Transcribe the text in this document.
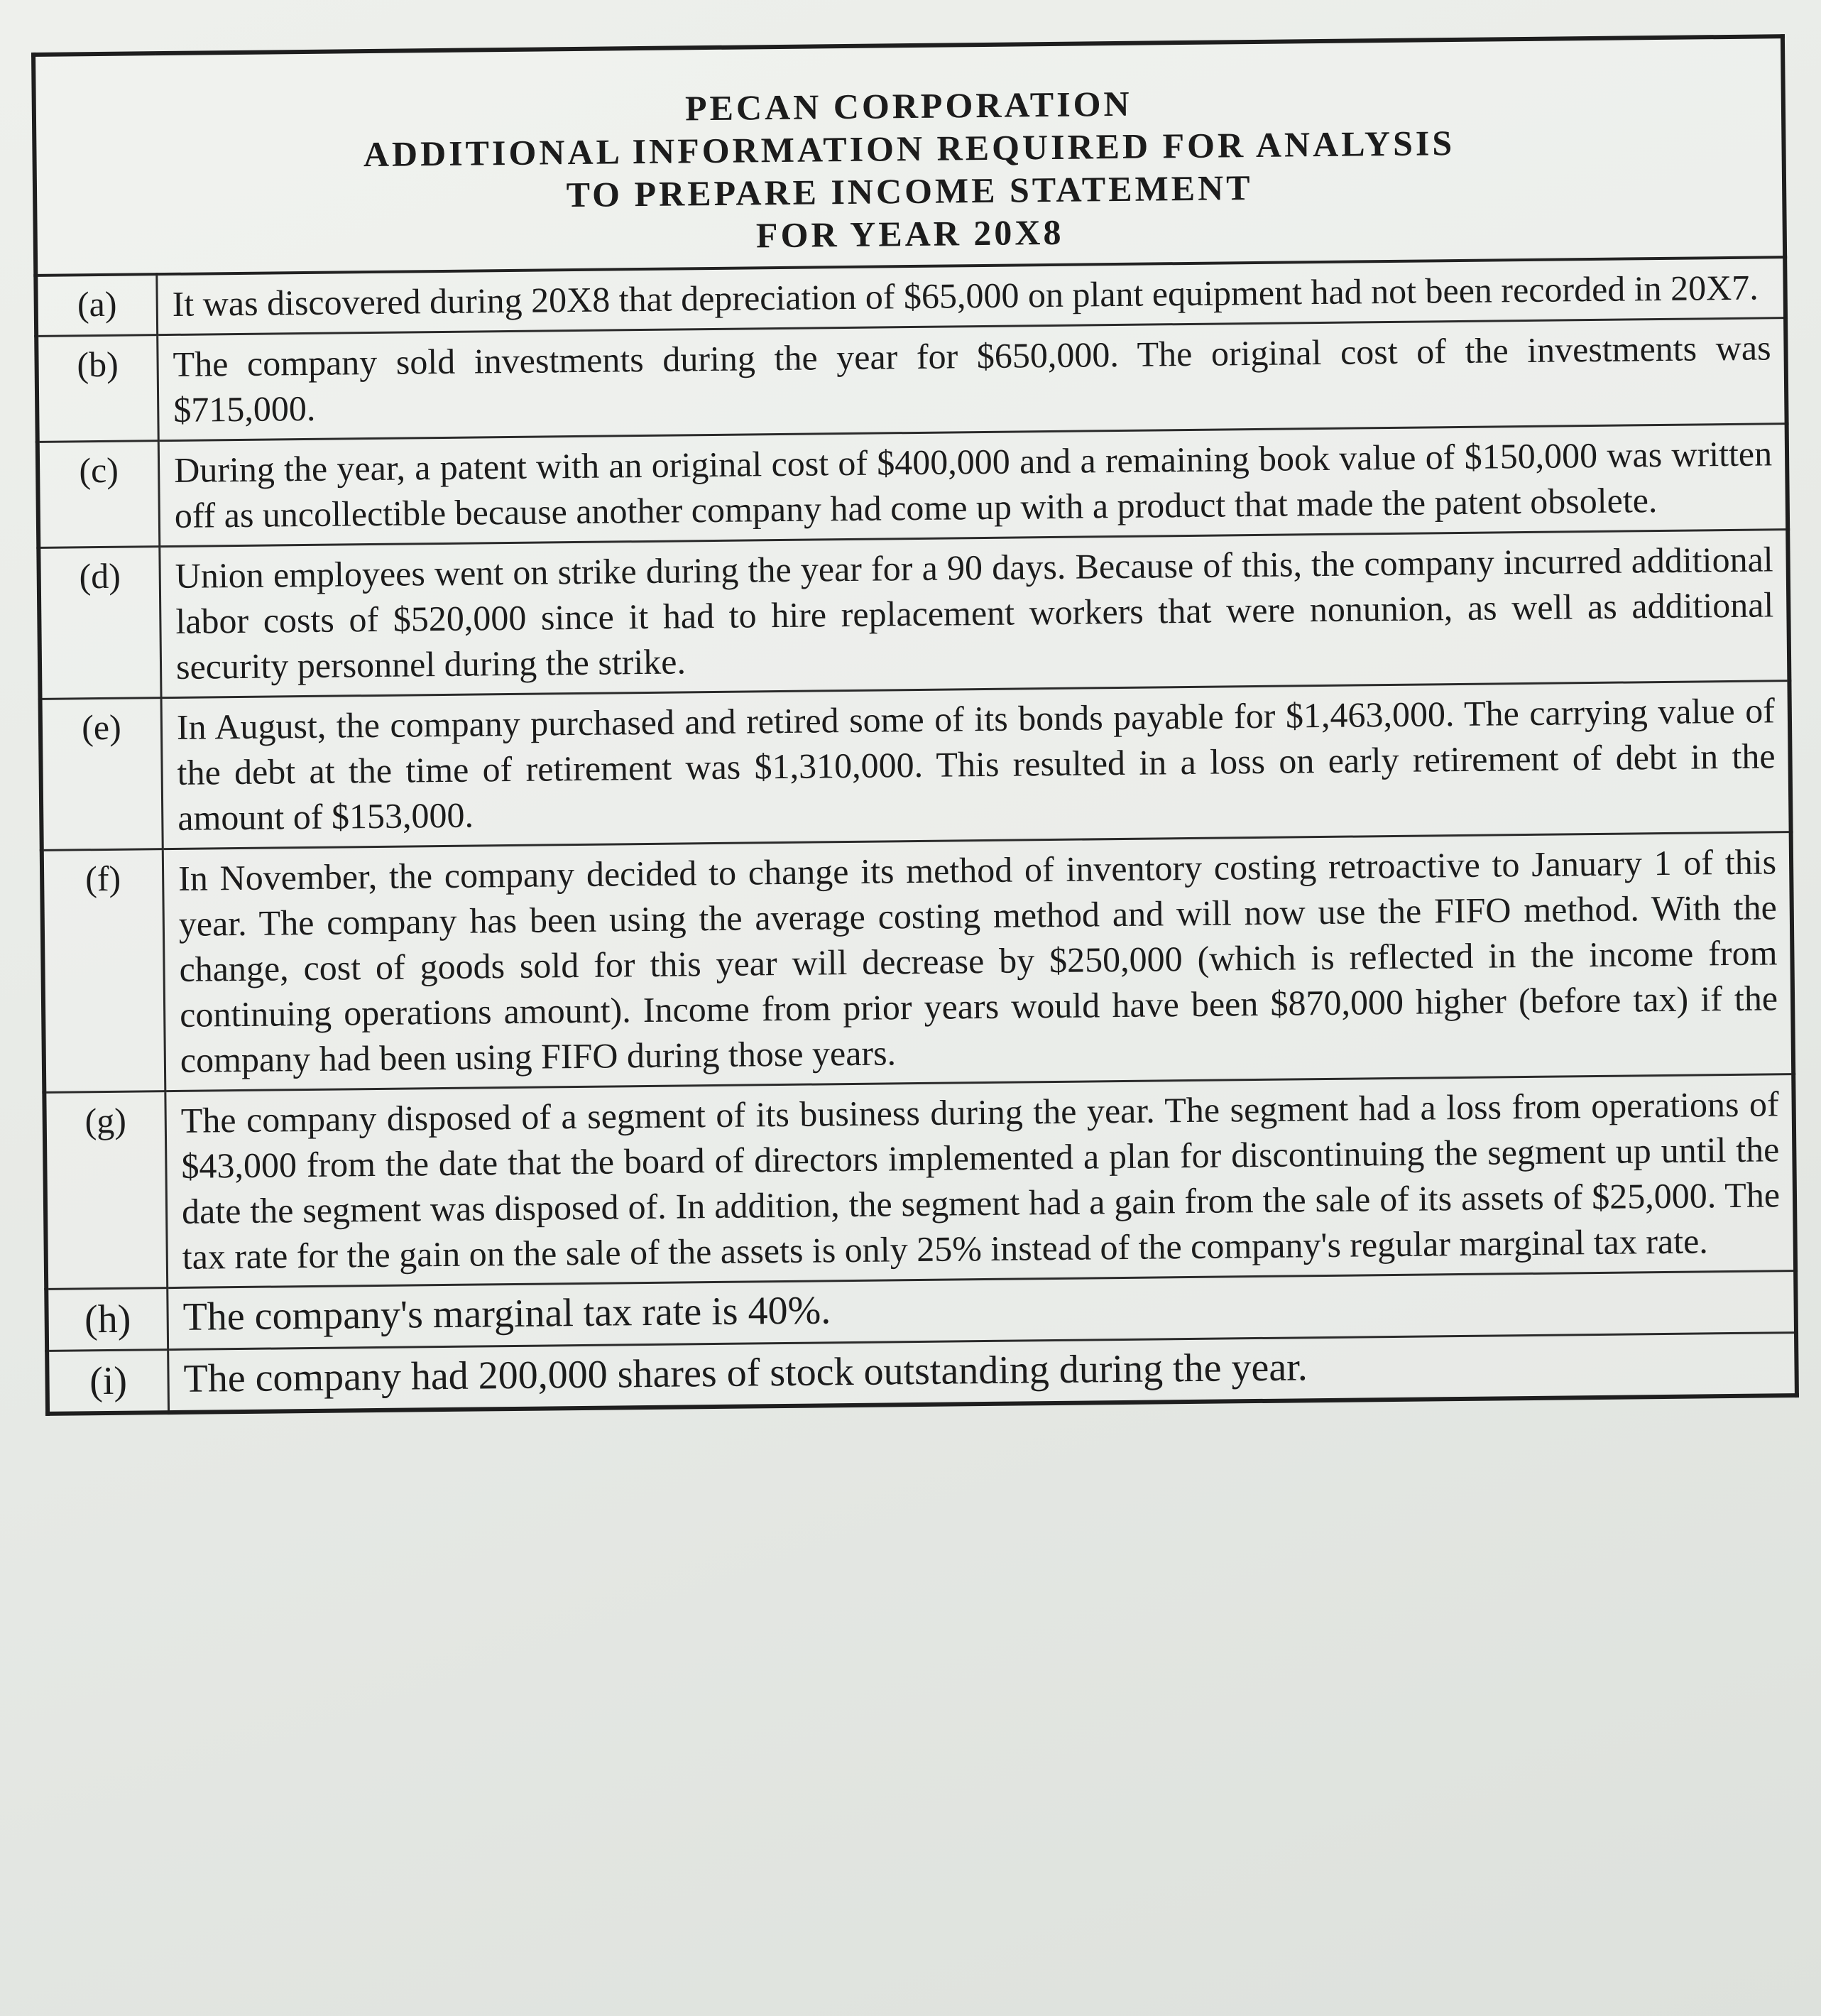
PECAN CORPORATION
ADDITIONAL INFORMATION REQUIRED FOR ANALYSIS
TO PREPARE INCOME STATEMENT
FOR YEAR 20X8	

(a)	It was discovered during 20X8 that depreciation of $65,000 on plant equipment had not been recorded in 20X7.
(b)	The company sold investments during the year for $650,000. The original cost of the investments was $715,000.
(c)	During the year, a patent with an original cost of $400,000 and a remaining book value of $150,000 was written off as uncollectible because another company had come up with a product that made the patent obsolete.
(d)	Union employees went on strike during the year for a 90 days. Because of this, the company incurred additional labor costs of $520,000 since it had to hire replacement workers that were nonunion, as well as additional security personnel during the strike.
(e)	In August, the company purchased and retired some of its bonds payable for $1,463,000. The carrying value of the debt at the time of retirement was $1,310,000. This resulted in a loss on early retirement of debt in the amount of $153,000.
(f)	In November, the company decided to change its method of inventory costing retroactive to January 1 of this year. The company has been using the average costing method and will now use the FIFO method. With the change, cost of goods sold for this year will decrease by $250,000 (which is reflected in the income from continuing operations amount). Income from prior years would have been $870,000 higher (before tax) if the company had been using FIFO during those years.
(g)	The company disposed of a segment of its business during the year. The segment had a loss from operations of $43,000 from the date that the board of directors implemented a plan for discontinuing the segment up until the date the segment was disposed of. In addition, the segment had a gain from the sale of its assets of $25,000. The tax rate for the gain on the sale of the assets is only 25% instead of the company's regular marginal tax rate.
(h)	The company's marginal tax rate is 40%.
(i)	The company had 200,000 shares of stock outstanding during the year.
